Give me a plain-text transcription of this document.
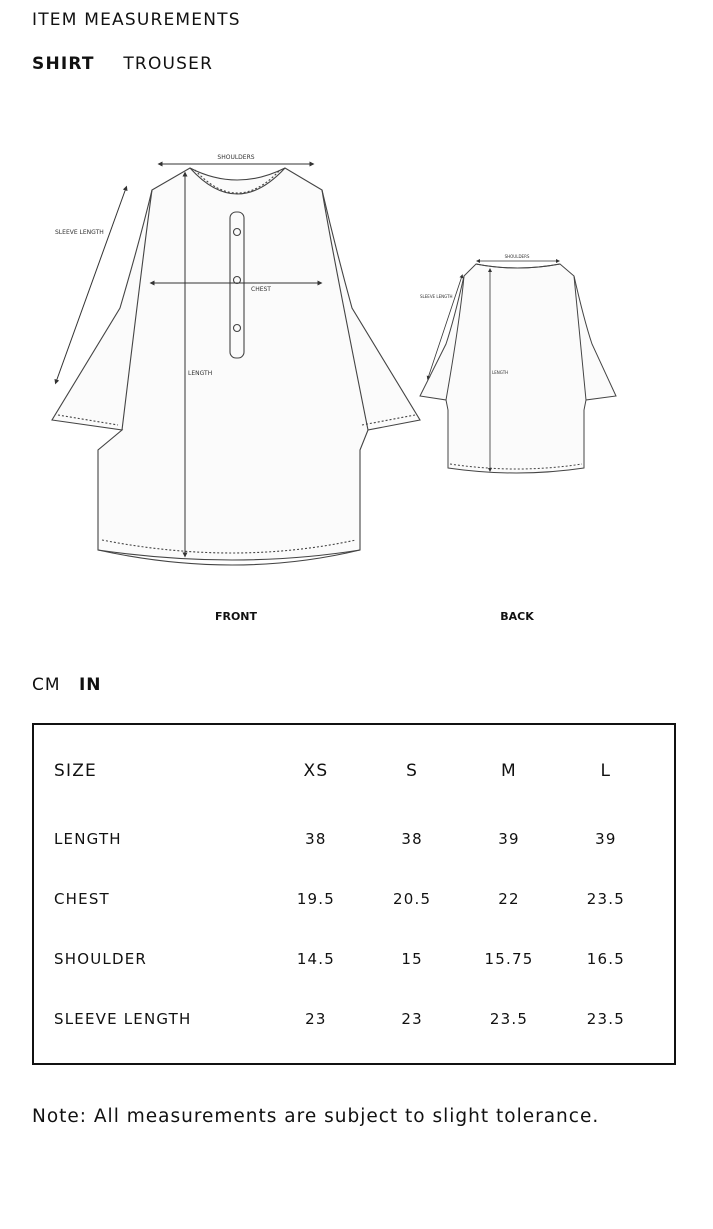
ITEM MEASUREMENTS
SHIRT TROUSER
SHOULDERS
SLEEVE LENGTH
CHEST
LENGTH
FRONT
SHOULDERS
SLEEVE LENGTH
LENGTH
BACK
CM IN
SIZE	XS	S	M	L
LENGTH	38	38	39	39
CHEST	19.5	20.5	22	23.5
SHOULDER	14.5	15	15.75	16.5
SLEEVE LENGTH	23	23	23.5	23.5
Note: All measurements are subject to slight tolerance.
